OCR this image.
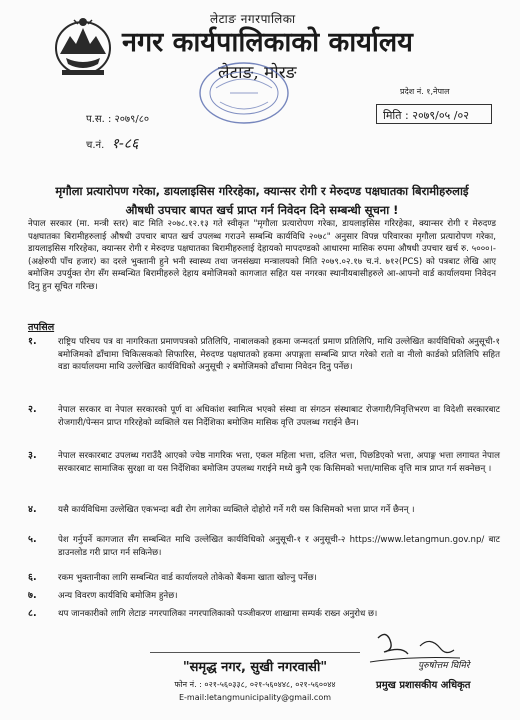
लेटाङ नगरपालिका
नगर कार्यपालिकाको कार्यालय
लेटाङ, मोरङ
प्रदेश नं. १,नेपाल
प.स. : २०७९/८०	मिति : २०७९/०५ /०२
च.नं. १-८६
मृगौला प्रत्यारोपण गरेका, डायलाइसिस गरिरहेका, क्यान्सर रोगी र मेरुदण्ड पक्षघातका बिरामीहरुलाई
औषधी उपचार बापत खर्च प्राप्त गर्न निवेदन दिने सम्बन्धी सूचना !
नेपाल सरकार (मा. मन्त्री स्तर) बाट मिति २०७८.१२.१३ गते स्वीकृत "मृगौला प्रत्यारोपण गरेका, डायलाइसिस गरिरहेका, क्यान्सर रोगी र मेरुदण्ड पक्षघातका बिरामीहरुलाई औषधी उपचार बापत खर्च उपलब्ध गराउने सम्बन्धि कार्यविधि २०७८" अनुसार विपन्न परिवारका मृगौला प्रत्यारोपण गरेका, डायलाइसिस गरिरहेका, क्यान्सर रोगी र मेरुदण्ड पक्षघातका बिरामीहरुलाई देहायको मापदण्डको आधारमा मासिक रुपमा औषधी उपचार खर्च रु. ५०००।- (अक्षेरुपी पाँच हजार) का दरले भुक्तानी हुने भनी स्वास्थ्य तथा जनसंख्या मन्त्रालयको मिति २०७९.०२.१७ च.नं. ७१२(PCS) को पत्रबाट लेखि आए बमोजिम उपर्युक्त रोग सँग सम्बन्धित बिरामीहरुले देहाय बमोजिमको कागजात सहित यस नगरका स्थानीयबासीहरुले आ-आफ्नो वार्ड कार्यालयमा निवेदन दिनु हुन सूचित गरिन्छ।
तपसिल
१. राष्ट्रिय परिचय पत्र वा नागरिकता प्रमाणपत्रको प्रतिलिपि, नाबालकको हकमा जन्मदर्ता प्रमाण प्रतिलिपि, माथि उल्लेखित कार्यविधिको अनुसूची-१ बमोजिमको ढाँचामा चिकित्सकको सिफारिस, मेरुदण्ड पक्षघातको हकमा अपाङ्गता सम्बन्धि प्राप्त गरेको रातो वा नीलो कार्डको प्रतिलिपि सहित वडा कार्यालयमा माथि उल्लेखित कार्यविधिको अनुसूची २ बमोजिमको ढाँचामा निवेदन दिनु पर्नेछ।
२. नेपाल सरकार वा नेपाल सरकारको पूर्ण वा अधिकांश स्वामित्व भएको संस्था वा संगठन संस्थाबाट रोजगारी/निवृत्तिभरण वा विदेशी सरकारबाट रोजगारी/पेन्सन प्राप्त गरिरहेको व्यक्तिले यस निर्देशिका बमोजिम मासिक वृत्ति उपलब्ध गराईने छैन।
३. नेपाल सरकारबाट उपलब्ध गराउँदै आएको ज्येष्ठ नागरिक भत्ता, एकल महिला भत्ता, दलित भत्ता, पिछडिएको भत्ता, अपाङ्ग भत्ता लगायत नेपाल सरकारबाट सामाजिक सुरक्षा वा यस निर्देशिका बमोजिम उपलब्ध गराईने मध्ये कुनै एक किसिमको भत्ता/मासिक वृत्ति मात्र प्राप्त गर्न सक्नेछन् ।
४. यसै कार्यविधिमा उल्लेखित एकभन्दा बढी रोग लागेका व्यक्तिले दोहोरो गर्ने गरी यस किसिमको भत्ता प्राप्त गर्ने छैनन् ।
५. पेश गर्नुपर्ने कागजात सँग सम्बन्धित माथि उल्लेखित कार्यविधिको अनुसूची-१ र अनुसूची-२ https://www.letangmun.gov.np/ बाट डाउनलोड गरी प्राप्त गर्न सकिनेछ।
६. रकम भुक्तानीका लागि सम्बन्धित वार्ड कार्यालयले तोकेको बैंकमा खाता खोल्नु पर्नेछ।
७. अन्य विवरण कार्यविधि बमोजिम हुनेछ।
८. थप जानकारीको लागि लेटाङ नगरपालिका नगरपालिकाको पञ्जीकरण शाखामा सम्पर्क राख्न अनुरोध छ।
"समृद्ध नगर, सुखी नगरवासी"
फोन नं. : ०२१-५६०३३८, ०२१-५६०४४८, ०२१-५६००४४
E-mail:letangmunicipality@gmail.com
पुरुषोत्तम घिमिरे
प्रमुख प्रशासकीय अधिकृत
